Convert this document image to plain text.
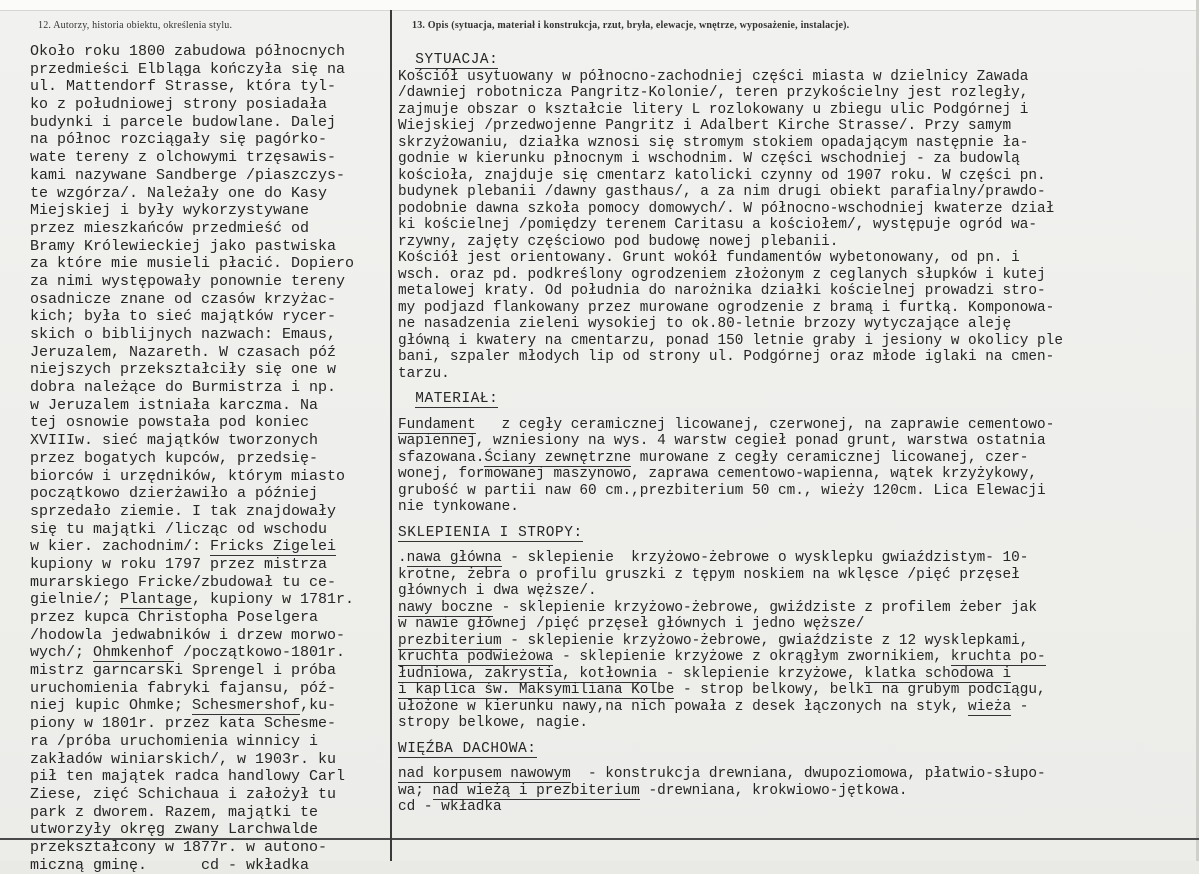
12. Autorzy, historia obiektu, określenia stylu.	13. Opis (sytuacja, materiał i konstrukcja, rzut, bryła, elewacje, wnętrze, wyposażenie, instalacje).
Około roku 1800 zabudowa północnych
przedmieści Elbląga kończyła się na
ul. Mattendorf Strasse, która tyl-
ko z południowej strony posiadała
budynki i parcele budowlane. Dalej
na północ rozciągały się pagórko-
wate tereny z olchowymi trzęsawis-
kami nazywane Sandberge /piaszczys-
te wzgórza/. Należały one do Kasy
Miejskiej i były wykorzystywane
przez mieszkańców przedmieść od
Bramy Królewieckiej jako pastwiska
za które mie musieli płacić. Dopiero
za nimi występowały ponownie tereny
osadnicze znane od czasów krzyżac-
kich; była to sieć majątków rycer-
skich o biblijnych nazwach: Emaus,
Jeruzalem, Nazareth. W czasach póź
niejszych przekształciły się one w
dobra należące do Burmistrza i np.
w Jeruzalem istniała karczma. Na
tej osnowie powstała pod koniec
XVIIIw. sieć majątków tworzonych
przez bogatych kupców, przedsię-
biorców i urzędników, którym miasto
początkowo dzierżawiło a później
sprzedało ziemie. I tak znajdowały
się tu majątki /licząc od wschodu
w kier. zachodnim/: Fricks Zigelei
kupiony w roku 1797 przez mistrza
murarskiego Fricke/zbudował tu ce-
gielnie/; Plantage, kupiony w 1781r.
przez kupca Christopha Poselgera
/hodowla jedwabników i drzew morwo-
wych/; Ohmkenhof /początkowo-1801r.
mistrz garncarski Sprengel i próba
uruchomienia fabryki fajansu, póź-
niej kupic Ohmke; Schesmershof,ku-
piony w 1801r. przez kata Schesme-
ra /próba uruchomienia winnicy i
zakładów winiarskich/, w 1903r. ku
pił ten majątek radca handlowy Carl
Ziese, zięć Schichaua i założył tu
park z dworem. Razem, majątki te
utworzyły okręg zwany Larchwalde
przekształcony w 1877r. w autono-
miczną gminę.      cd - wkładka
SYTUACJA:
Kościół usytuowany w północno-zachodniej części miasta w dzielnicy Zawada
/dawniej robotnicza Pangritz-Kolonie/, teren przykościelny jest rozległy,
zajmuje obszar o kształcie litery L rozlokowany u zbiegu ulic Podgórnej i
Wiejskiej /przedwojenne Pangritz i Adalbert Kirche Strasse/. Przy samym
skrzyżowaniu, działka wznosi się stromym stokiem opadającym następnie ła-
godnie w kierunku płnocnym i wschodnim. W części wschodniej - za budowlą
kościoła, znajduje się cmentarz katolicki czynny od 1907 roku. W części pn.
budynek plebanii /dawny gasthaus/, a za nim drugi obiekt parafialny/prawdo-
podobnie dawna szkoła pomocy domowych/. W północno-wschodniej kwaterze dział
ki kościelnej /pomiędzy terenem Caritasu a kościołem/, występuje ogród wa-
rzywny, zajęty częściowo pod budowę nowej plebanii.
Kościół jest orientowany. Grunt wokół fundamentów wybetonowany, od pn. i
wsch. oraz pd. podkreślony ogrodzeniem złożonym z ceglanych słupków i kutej
metalowej kraty. Od południa do narożnika działki kościelnej prowadzi stro-
my podjazd flankowany przez murowane ogrodzenie z bramą i furtką. Komponowa-
ne nasadzenia zieleni wysokiej to ok.80-letnie brzozy wytyczające aleję
główną i kwatery na cmentarzu, ponad 150 letnie graby i jesiony w okolicy ple
bani, szpaler młodych lip od strony ul. Podgórnej oraz młode iglaki na cmen-
tarzu.
MATERIAŁ:
Fundament   z cegły ceramicznej licowanej, czerwonej, na zaprawie cementowo-
wapiennej, wzniesiony na wys. 4 warstw cegieł ponad grunt, warstwa ostatnia
sfazowana.Ściany zewnętrzne murowane z cegły ceramicznej licowanej, czer-
wonej, formowanej maszynowo, zaprawa cementowo-wapienna, wątek krzyżykowy,
grubość w partii naw 60 cm.,prezbiterium 50 cm., wieży 120cm. Lica Elewacji
nie tynkowane.
SKLEPIENIA I STROPY:
.nawa główna - sklepienie  krzyżowo-żebrowe o wysklepku gwiaździstym- 10-
krotne, żebra o profilu gruszki z tępym noskiem na wklęsce /pięć przęseł
głównych i dwa węższe/.
nawy boczne - sklepienie krzyżowo-żebrowe, gwiździste z profilem żeber jak
w nawie głównej /pięć przęseł głównych i jedno węższe/
prezbiterium - sklepienie krzyżowo-żebrowe, gwiaździste z 12 wysklepkami,
kruchta podwieżowa - sklepienie krzyżowe z okrągłym zwornikiem, kruchta po-
łudniowa, zakrystia, kotłownia - sklepienie krzyżowe, klatka schodowa i
i kaplica św. Maksymiliana Kolbe - strop belkowy, belki na grubym podciągu,
ułożone w kierunku nawy,na nich powała z desek łączonych na styk, wieża -
stropy belkowe, nagie.
WIĘŹBA DACHOWA:
nad korpusem nawowym  - konstrukcja drewniana, dwupoziomowa, płatwio-słupo-
wa; nad wieżą i prezbiterium -drewniana, krokwiowo-jętkowa.
cd - wkładka
